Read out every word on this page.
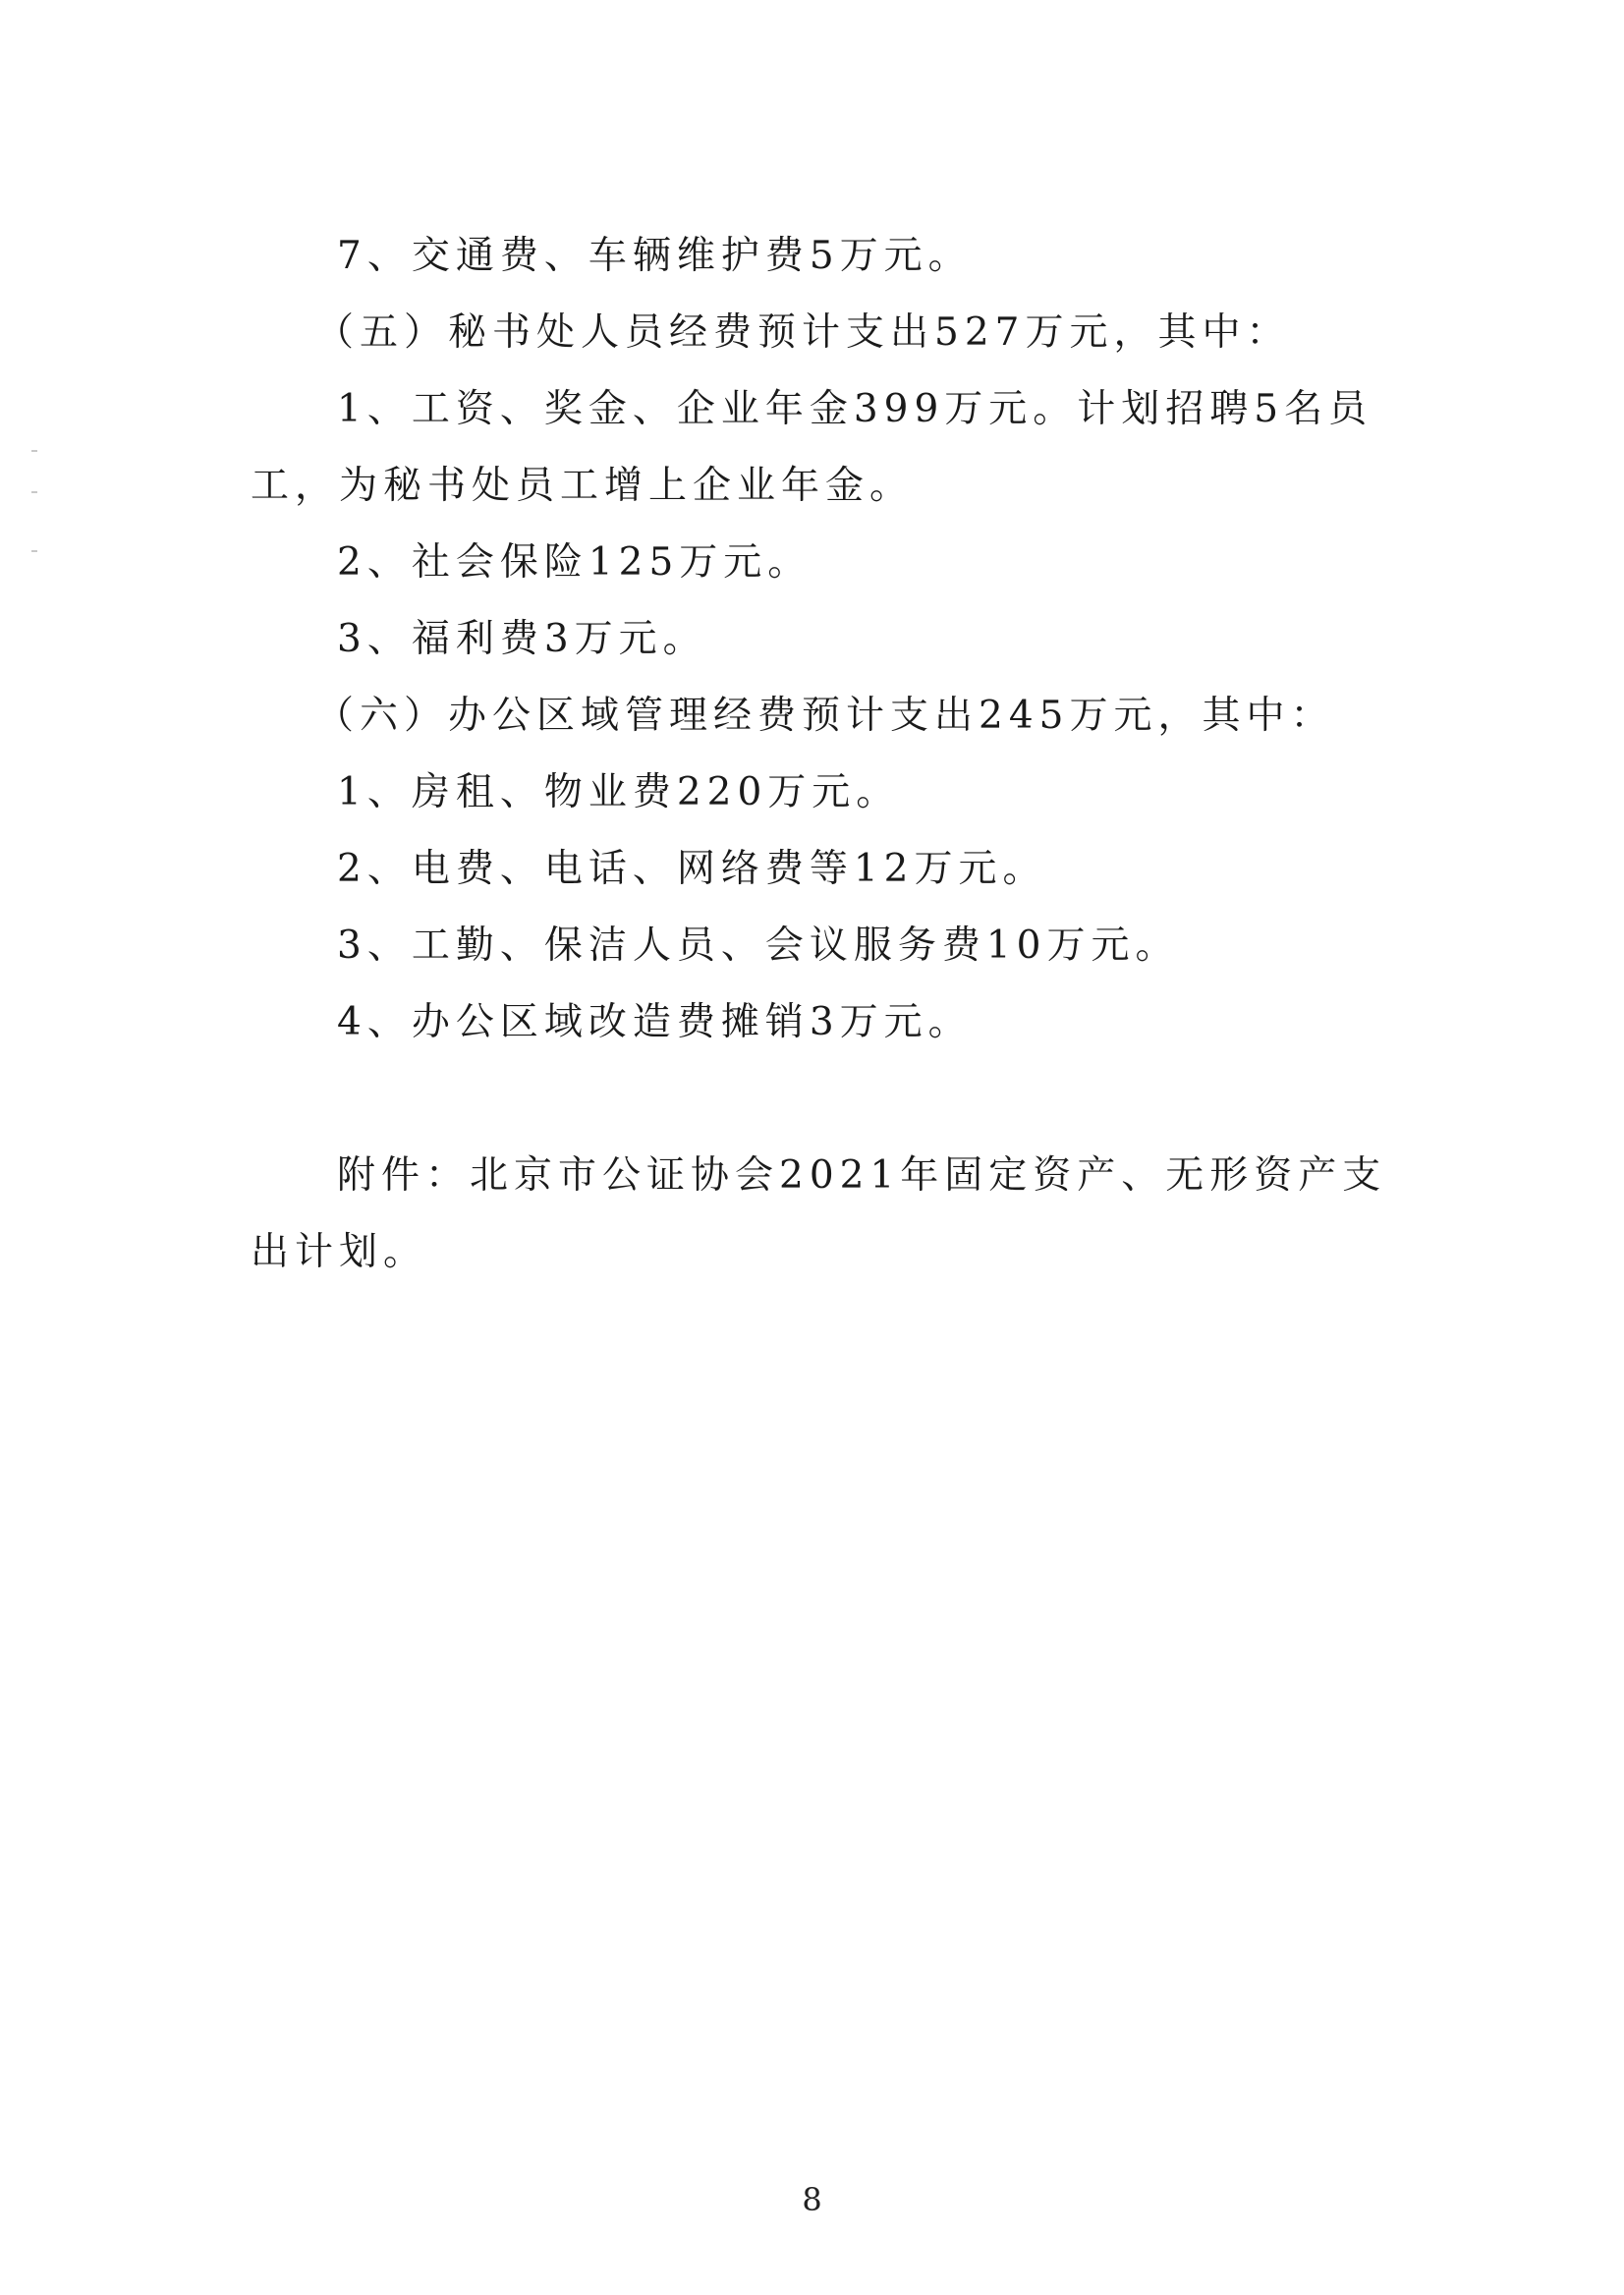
7、交通费、车辆维护费5万元。

（五）秘书处人员经费预计支出527万元，其中：

1、工资、奖金、企业年金399万元。计划招聘5名员工，为秘书处员工增上企业年金。

2、社会保险125万元。

3、福利费3万元。

（六）办公区域管理经费预计支出245万元，其中：

1、房租、物业费220万元。

2、电费、电话、网络费等12万元。

3、工勤、保洁人员、会议服务费10万元。

4、办公区域改造费摊销3万元。

附件：北京市公证协会2021年固定资产、无形资产支出计划。

8
